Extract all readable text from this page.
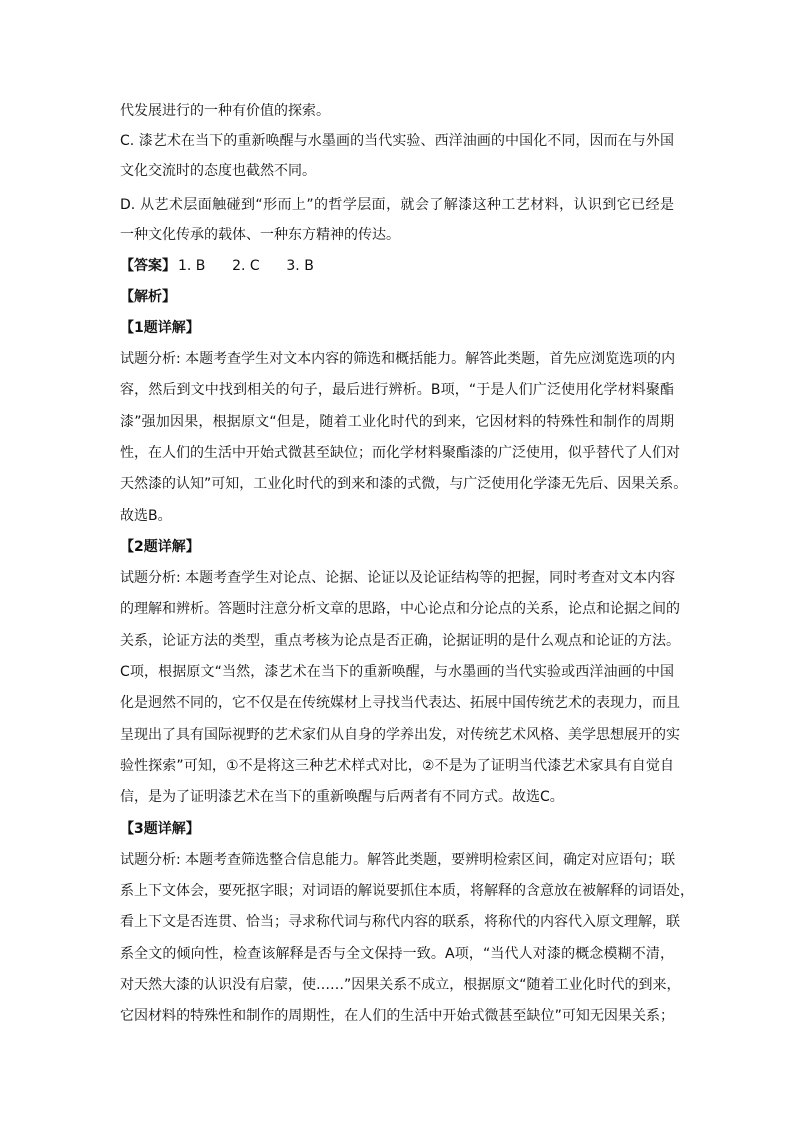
代发展进行的一种有价值的探索。
C. 漆艺术在当下的重新唤醒与水墨画的当代实验、西洋油画的中国化不同，因而在与外国
文化交流时的态度也截然不同。
D. 从艺术层面触碰到“形而上”的哲学层面，就会了解漆这种工艺材料，认识到它已经是
一种文化传承的载体、一种东方精神的传达。
【答案】 1. B      2. C      3. B
【解析】
【1题详解】
试题分析: 本题考查学生对文本内容的筛选和概括能力。解答此类题，首先应浏览选项的内
容，然后到文中找到相关的句子，最后进行辨析。B项，“于是人们广泛使用化学材料聚酯
漆”强加因果，根据原文“但是，随着工业化时代的到来，它因材料的特殊性和制作的周期
性，在人们的生活中开始式微甚至缺位；而化学材料聚酯漆的广泛使用，似乎替代了人们对
天然漆的认知”可知，工业化时代的到来和漆的式微，与广泛使用化学漆无先后、因果关系。
故选B。
【2题详解】
试题分析: 本题考查学生对论点、论据、论证以及论证结构等的把握，同时考查对文本内容
的理解和辨析。答题时注意分析文章的思路，中心论点和分论点的关系，论点和论据之间的
关系，论证方法的类型，重点考核为论点是否正确，论据证明的是什么观点和论证的方法。
C项，根据原文“当然，漆艺术在当下的重新唤醒，与水墨画的当代实验或西洋油画的中国
化是迥然不同的，它不仅是在传统媒材上寻找当代表达、拓展中国传统艺术的表现力，而且
呈现出了具有国际视野的艺术家们从自身的学养出发，对传统艺术风格、美学思想展开的实
验性探索”可知，①不是将这三种艺术样式对比，②不是为了证明当代漆艺术家具有自觉自
信，是为了证明漆艺术在当下的重新唤醒与后两者有不同方式。故选C。
【3题详解】
试题分析: 本题考查筛选整合信息能力。解答此类题，要辨明检索区间，确定对应语句；联
系上下文体会，要死抠字眼；对词语的解说要抓住本质，将解释的含意放在被解释的词语处，
看上下文是否连贯、恰当；寻求称代词与称代内容的联系，将称代的内容代入原文理解，联
系全文的倾向性，检查该解释是否与全文保持一致。A项，“当代人对漆的概念模糊不清，
对天然大漆的认识没有启蒙，使……”因果关系不成立，根据原文“随着工业化时代的到来，
它因材料的特殊性和制作的周期性，在人们的生活中开始式微甚至缺位”可知无因果关系；
